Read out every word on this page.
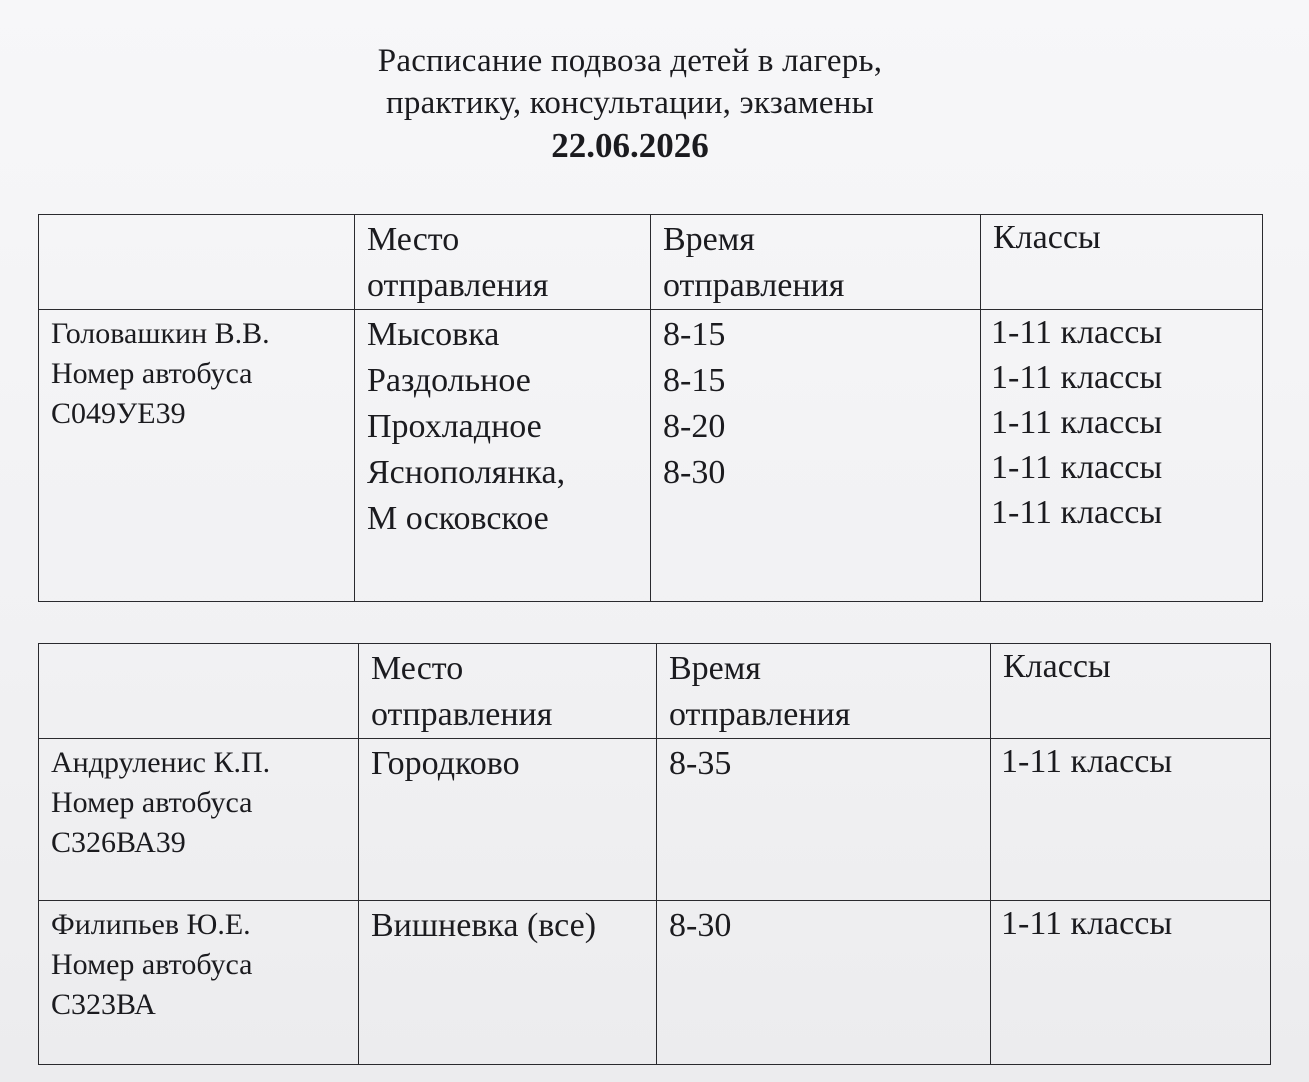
Расписание подвоза детей в лагерь,
практику, консультации, экзамены
22.06.2026

	Место
отправления	Время
отправления	Классы

Головашкин В.В.
Номер автобуса
С049УЕ39	Мысовка
Раздольное
Прохладное
Яснополянка,
М осковское	8-15
8-15
8-20
8-30	1-11 классы
1-11 классы
1-11 классы
1-11 классы
1-11 классы

	Место
отправления	Время
отправления	Классы

Андруленис К.П.
Номер автобуса
С326ВА39	Городково	8-35	1-11 классы

Филипьев Ю.Е.
Номер автобуса
С323ВА	Вишневка (все)	8-30	1-11 классы
